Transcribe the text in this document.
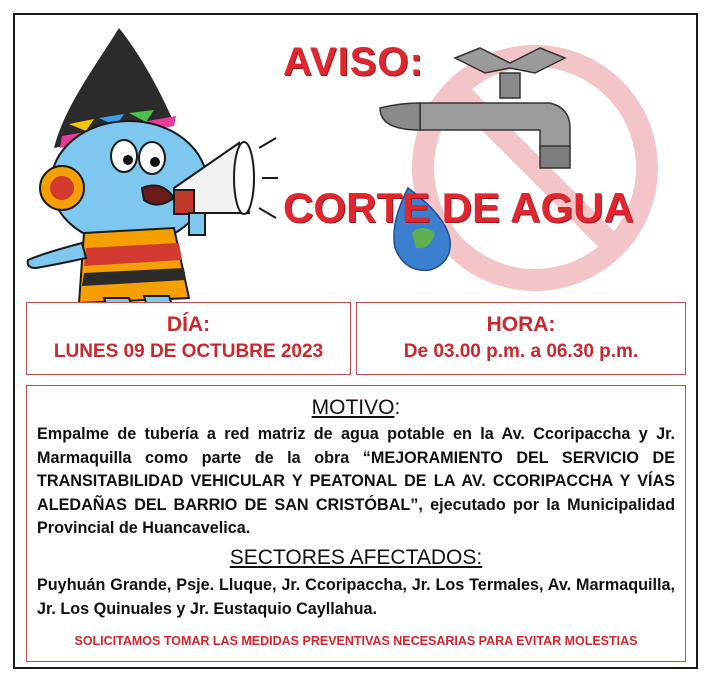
AVISO:
CORTE DE AGUA
DÍA:
LUNES 09 DE OCTUBRE 2023
HORA:
De 03.00 p.m. a 06.30 p.m.
MOTIVO:
Empalme de tubería a red matriz de agua potable en la Av. Ccoripaccha y Jr. Marmaquilla como parte de la obra “MEJORAMIENTO DEL SERVICIO DE TRANSITABILIDAD VEHICULAR Y PEATONAL DE LA AV. CCORIPACCHA Y VÍAS ALEDAÑAS DEL BARRIO DE SAN CRISTÓBAL”, ejecutado por la Municipalidad Provincial de Huancavelica.
SECTORES AFECTADOS:
Puyhuán Grande, Psje. Lluque, Jr. Ccoripaccha, Jr. Los Termales, Av. Marmaquilla, Jr. Los Quinuales y Jr. Eustaquio Cayllahua.
SOLICITAMOS TOMAR LAS MEDIDAS PREVENTIVAS NECESARIAS PARA EVITAR MOLESTIAS
